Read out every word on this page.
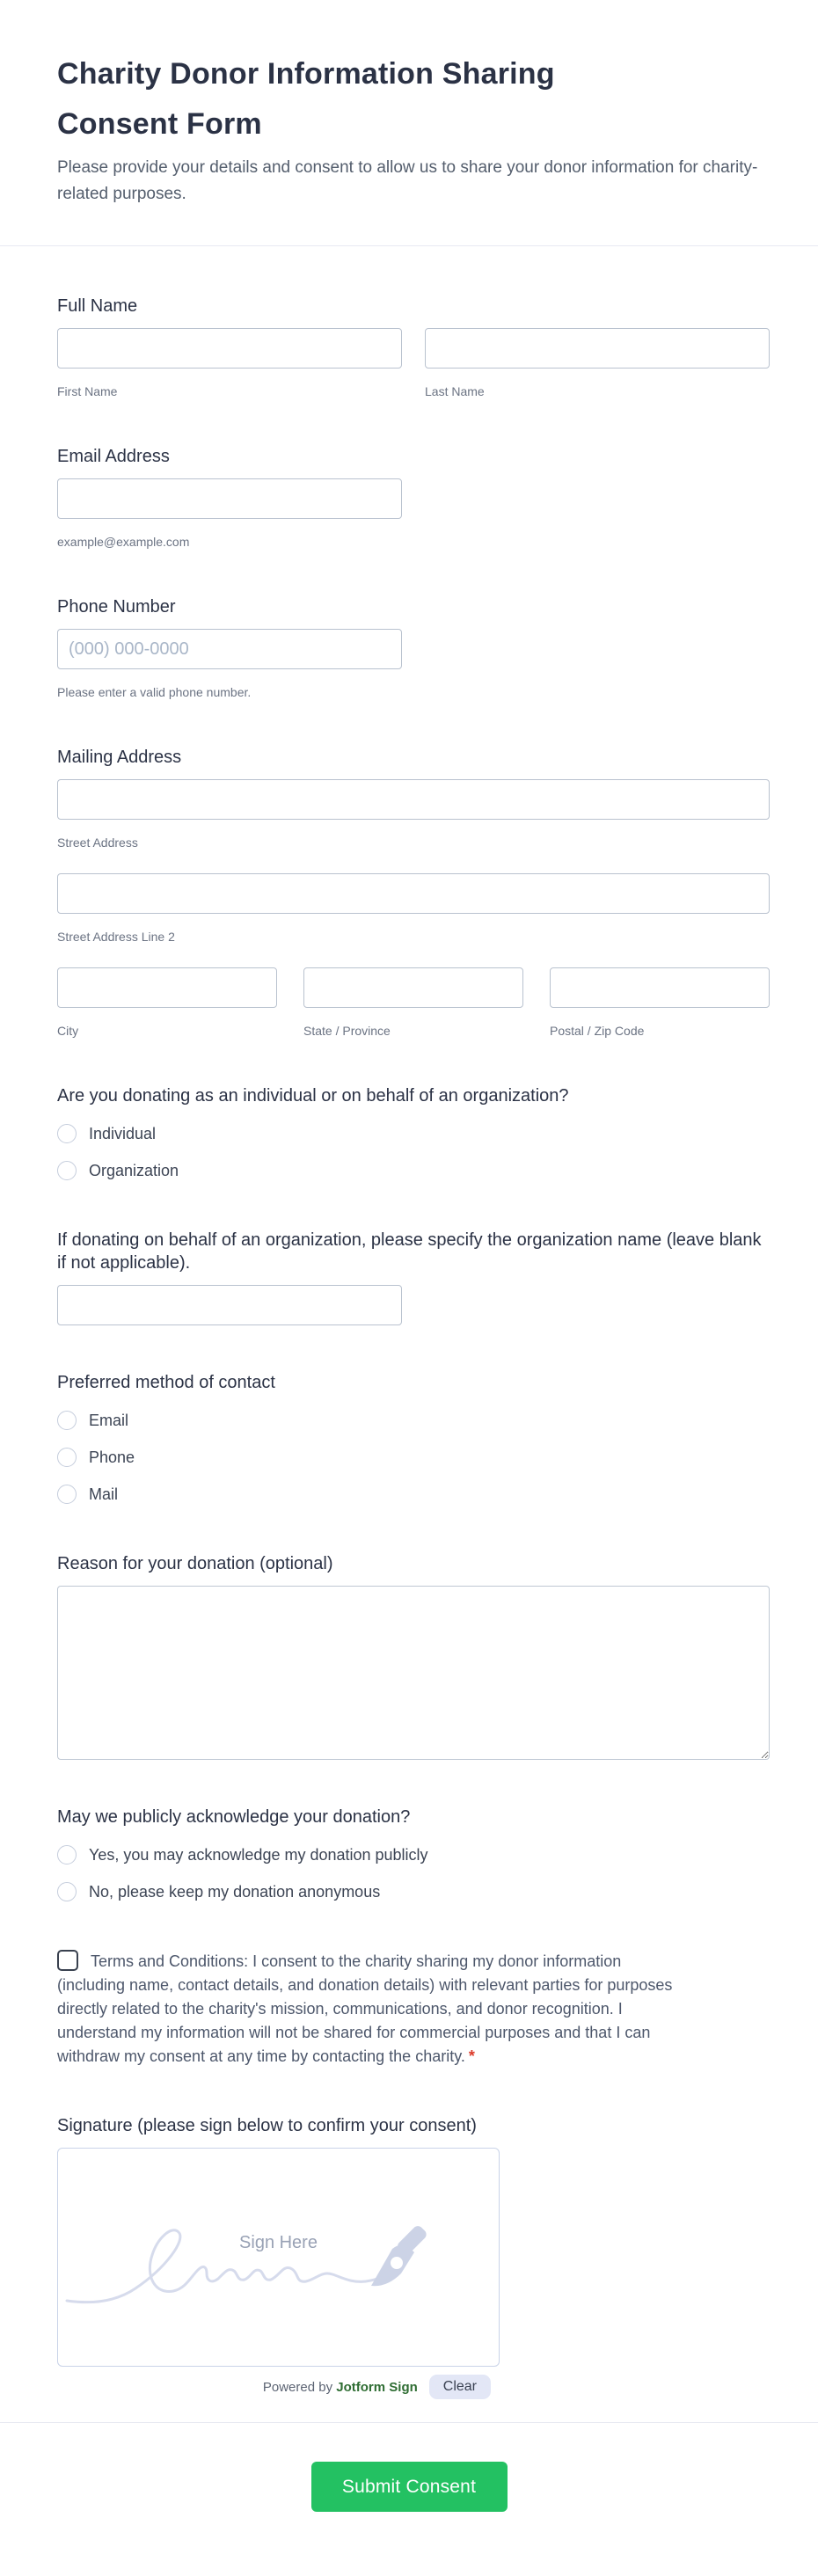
Charity Donor Information Sharing Consent Form

Please provide your details and consent to allow us to share your donor information for charity-related purposes.

Full Name
First Name	Last Name
Email Address
example@example.com
Phone Number
(000) 000-0000
Please enter a valid phone number.
Mailing Address
Street Address
Street Address Line 2
City	State / Province	Postal / Zip Code
Are you donating as an individual or on behalf of an organization?
Individual
Organization
If donating on behalf of an organization, please specify the organization name (leave blank if not applicable).
Preferred method of contact
Email
Phone
Mail
Reason for your donation (optional)
May we publicly acknowledge your donation?
Yes, you may acknowledge my donation publicly
No, please keep my donation anonymous
Terms and Conditions: I consent to the charity sharing my donor information (including name, contact details, and donation details) with relevant parties for purposes directly related to the charity's mission, communications, and donor recognition. I understand my information will not be shared for commercial purposes and that I can withdraw my consent at any time by contacting the charity. *
Signature (please sign below to confirm your consent)
Sign Here
Powered by Jotform Sign	Clear
Submit Consent
